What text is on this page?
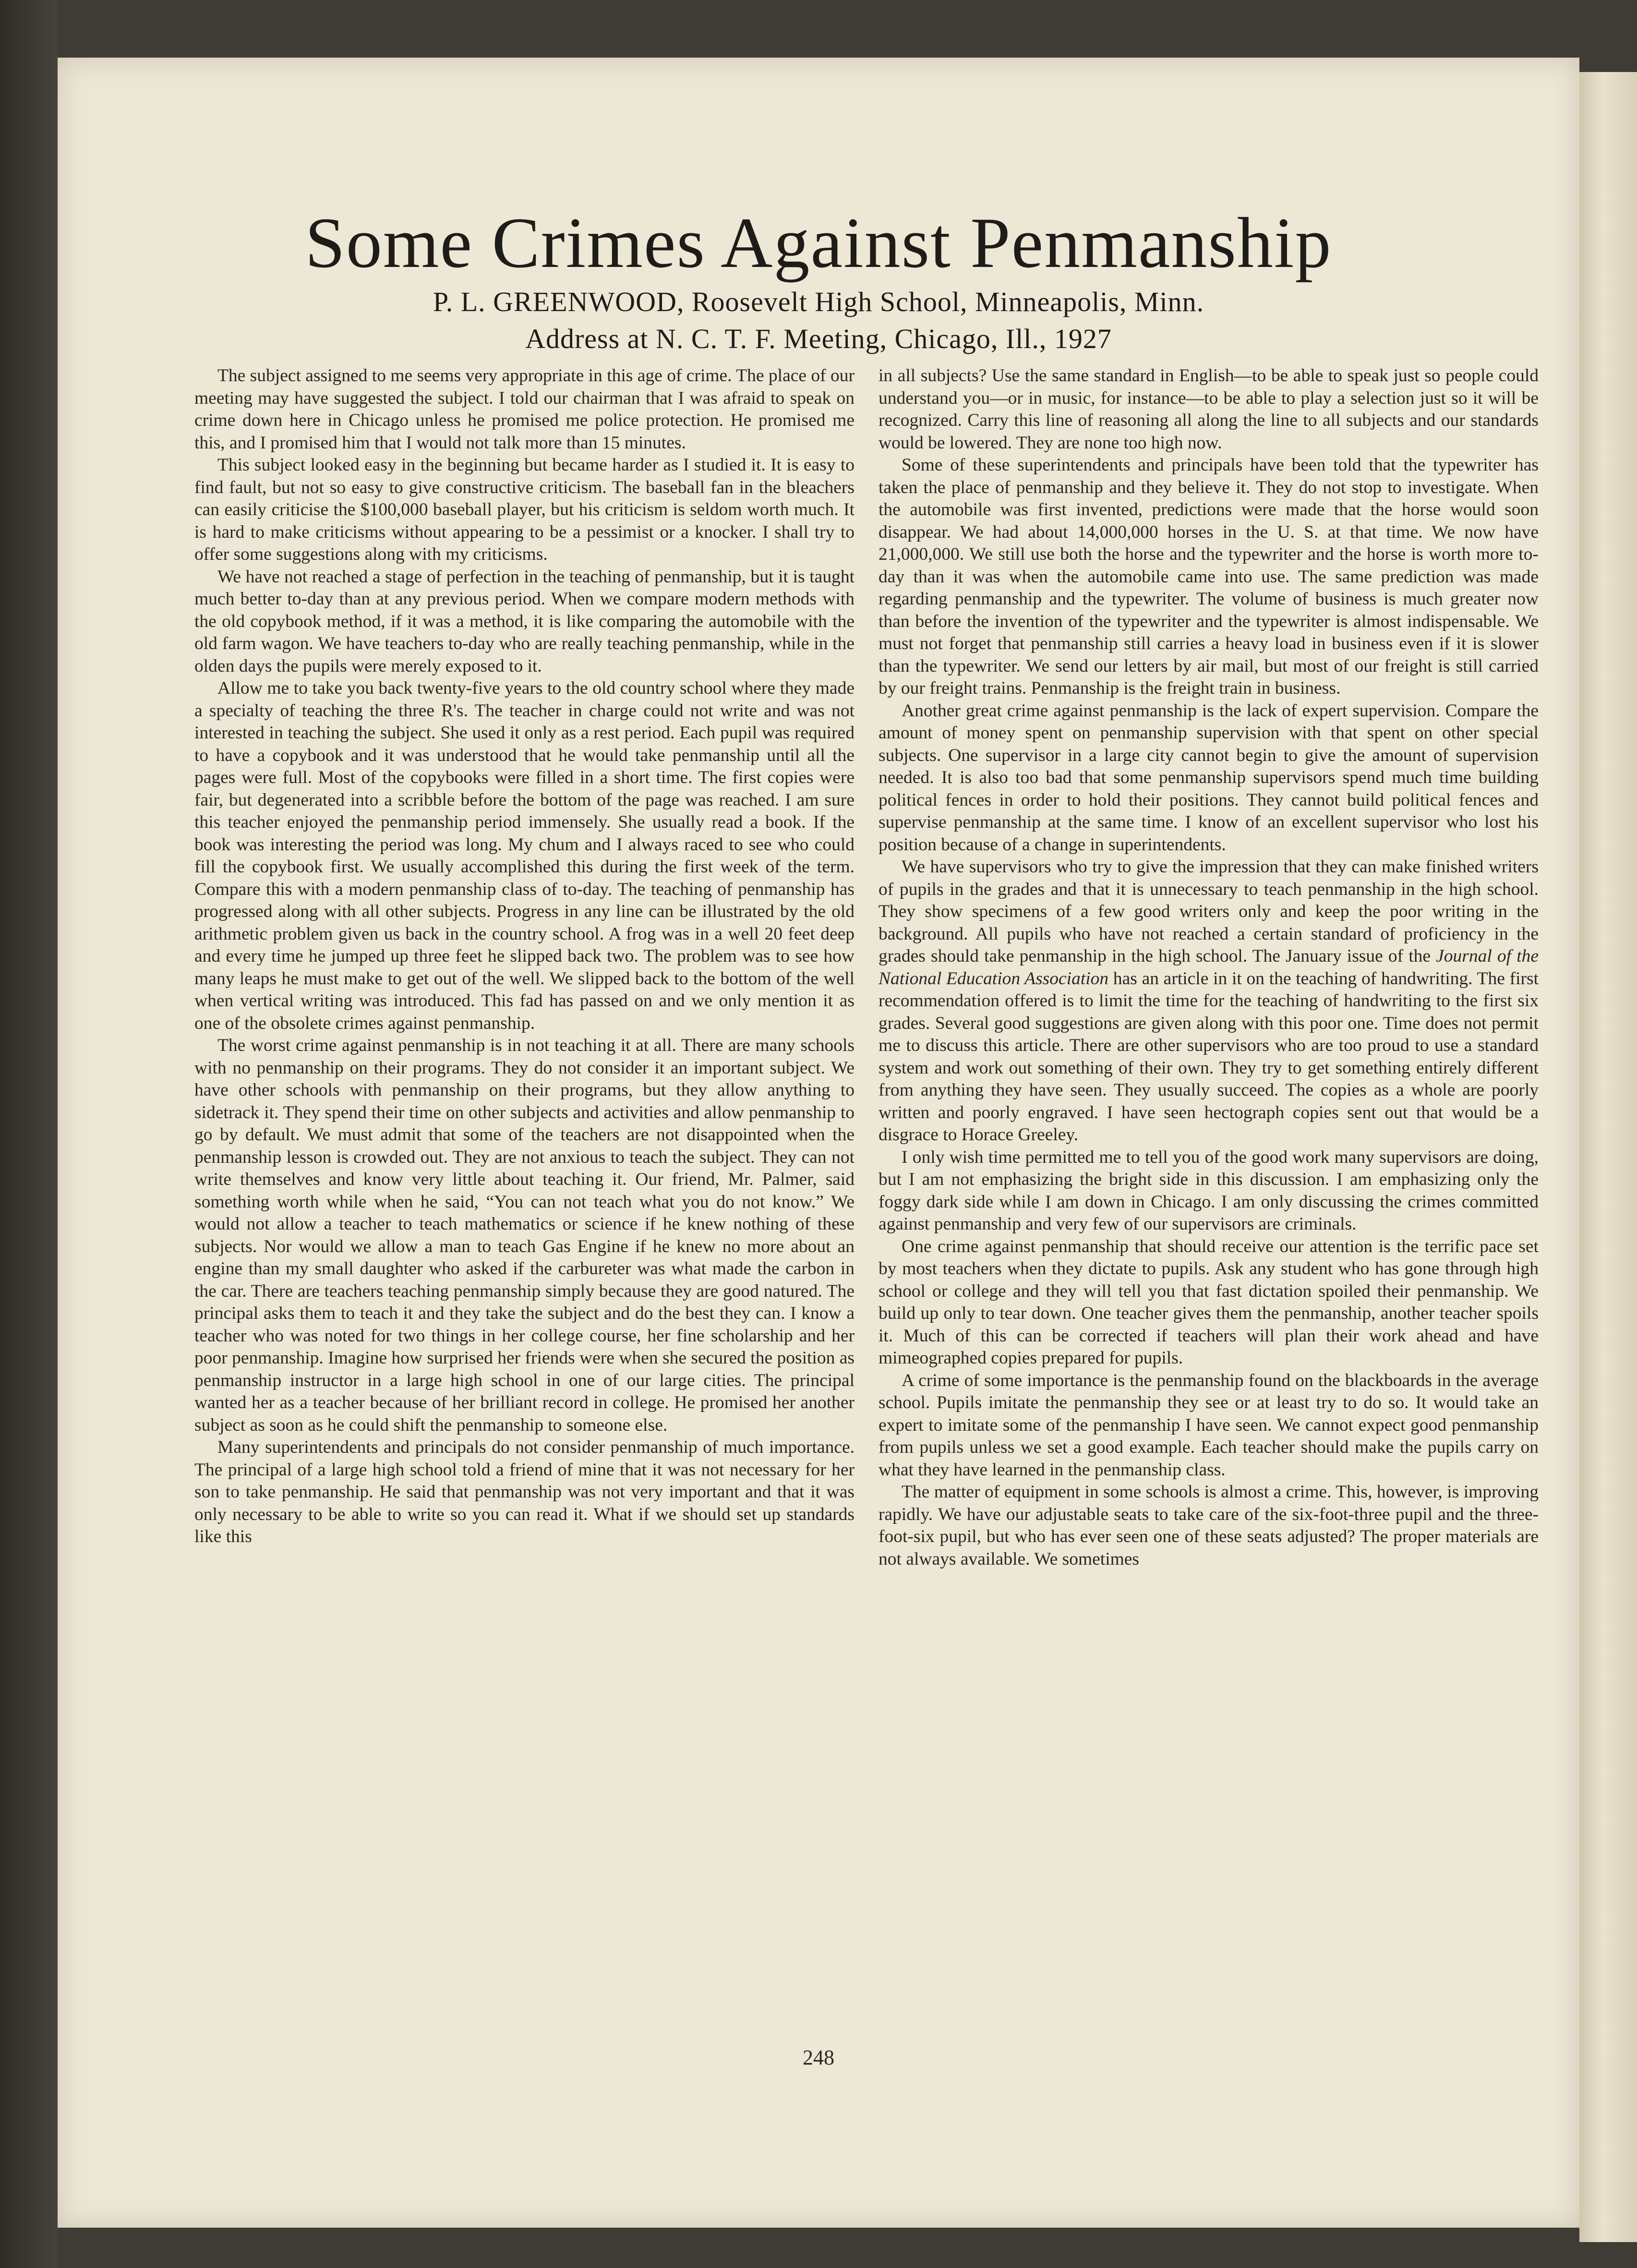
Some Crimes Against Penmanship
P. L. GREENWOOD, Roosevelt High School, Minneapolis, Minn.
Address at N. C. T. F. Meeting, Chicago, Ill., 1927

The subject assigned to me seems very appropriate in this age of crime. The place of our meeting may have suggested the subject. I told our chairman that I was afraid to speak on crime down here in Chicago unless he promised me police protection. He promised me this, and I promised him that I would not talk more than 15 minutes.

This subject looked easy in the beginning but became harder as I studied it. It is easy to find fault, but not so easy to give constructive criticism. The baseball fan in the bleachers can easily criticise the $100,000 baseball player, but his criticism is seldom worth much. It is hard to make criticisms without appearing to be a pessimist or a knocker. I shall try to offer some suggestions along with my criticisms.

We have not reached a stage of perfection in the teaching of penmanship, but it is taught much better to-day than at any previous period. When we compare modern methods with the old copybook method, if it was a method, it is like comparing the automobile with the old farm wagon. We have teachers to-day who are really teaching penmanship, while in the olden days the pupils were merely exposed to it.

Allow me to take you back twenty-five years to the old country school where they made a specialty of teaching the three R's. The teacher in charge could not write and was not interested in teaching the subject. She used it only as a rest period. Each pupil was required to have a copybook and it was understood that he would take penmanship until all the pages were full. Most of the copybooks were filled in a short time. The first copies were fair, but degenerated into a scribble before the bottom of the page was reached. I am sure this teacher enjoyed the penmanship period immensely. She usually read a book. If the book was interesting the period was long. My chum and I always raced to see who could fill the copybook first. We usually accomplished this during the first week of the term. Compare this with a modern penmanship class of to-day. The teaching of penmanship has progressed along with all other subjects. Progress in any line can be illustrated by the old arithmetic problem given us back in the country school. A frog was in a well 20 feet deep and every time he jumped up three feet he slipped back two. The problem was to see how many leaps he must make to get out of the well. We slipped back to the bottom of the well when vertical writing was introduced. This fad has passed on and we only mention it as one of the obsolete crimes against penmanship.

The worst crime against penmanship is in not teaching it at all. There are many schools with no penmanship on their programs. They do not consider it an important subject. We have other schools with penmanship on their programs, but they allow anything to sidetrack it. They spend their time on other subjects and activities and allow penmanship to go by default. We must admit that some of the teachers are not disappointed when the penmanship lesson is crowded out. They are not anxious to teach the subject. They can not write themselves and know very little about teaching it. Our friend, Mr. Palmer, said something worth while when he said, “You can not teach what you do not know.” We would not allow a teacher to teach mathematics or science if he knew nothing of these subjects. Nor would we allow a man to teach Gas Engine if he knew no more about an engine than my small daughter who asked if the carbureter was what made the carbon in the car. There are teachers teaching penmanship simply because they are good natured. The principal asks them to teach it and they take the subject and do the best they can. I know a teacher who was noted for two things in her college course, her fine scholarship and her poor penmanship. Imagine how surprised her friends were when she secured the position as penmanship instructor in a large high school in one of our large cities. The principal wanted her as a teacher because of her brilliant record in college. He promised her another subject as soon as he could shift the penmanship to someone else.

Many superintendents and principals do not consider penmanship of much importance. The principal of a large high school told a friend of mine that it was not necessary for her son to take penmanship. He said that penmanship was not very important and that it was only necessary to be able to write so you can read it. What if we should set up standards like this

in all subjects? Use the same standard in English—to be able to speak just so people could understand you—or in music, for instance—to be able to play a selection just so it will be recognized. Carry this line of reasoning all along the line to all subjects and our standards would be lowered. They are none too high now.

Some of these superintendents and principals have been told that the typewriter has taken the place of penmanship and they believe it. They do not stop to investigate. When the automobile was first invented, predictions were made that the horse would soon disappear. We had about 14,000,000 horses in the U. S. at that time. We now have 21,000,000. We still use both the horse and the typewriter and the horse is worth more to-day than it was when the automobile came into use. The same prediction was made regarding penmanship and the typewriter. The volume of business is much greater now than before the invention of the typewriter and the typewriter is almost indispensable. We must not forget that penmanship still carries a heavy load in business even if it is slower than the typewriter. We send our letters by air mail, but most of our freight is still carried by our freight trains. Penmanship is the freight train in business.

Another great crime against penmanship is the lack of expert supervision. Compare the amount of money spent on penmanship supervision with that spent on other special subjects. One supervisor in a large city cannot begin to give the amount of supervision needed. It is also too bad that some penmanship supervisors spend much time building political fences in order to hold their positions. They cannot build political fences and supervise penmanship at the same time. I know of an excellent supervisor who lost his position because of a change in superintendents.

We have supervisors who try to give the impression that they can make finished writers of pupils in the grades and that it is unnecessary to teach penmanship in the high school. They show specimens of a few good writers only and keep the poor writing in the background. All pupils who have not reached a certain standard of proficiency in the grades should take penmanship in the high school. The January issue of the Journal of the National Education Association has an article in it on the teaching of handwriting. The first recommendation offered is to limit the time for the teaching of handwriting to the first six grades. Several good suggestions are given along with this poor one. Time does not permit me to discuss this article. There are other supervisors who are too proud to use a standard system and work out something of their own. They try to get something entirely different from anything they have seen. They usually succeed. The copies as a whole are poorly written and poorly engraved. I have seen hectograph copies sent out that would be a disgrace to Horace Greeley.

I only wish time permitted me to tell you of the good work many supervisors are doing, but I am not emphasizing the bright side in this discussion. I am emphasizing only the foggy dark side while I am down in Chicago. I am only discussing the crimes committed against penmanship and very few of our supervisors are criminals.

One crime against penmanship that should receive our attention is the terrific pace set by most teachers when they dictate to pupils. Ask any student who has gone through high school or college and they will tell you that fast dictation spoiled their penmanship. We build up only to tear down. One teacher gives them the penmanship, another teacher spoils it. Much of this can be corrected if teachers will plan their work ahead and have mimeographed copies prepared for pupils.

A crime of some importance is the penmanship found on the blackboards in the average school. Pupils imitate the penmanship they see or at least try to do so. It would take an expert to imitate some of the penmanship I have seen. We cannot expect good penmanship from pupils unless we set a good example. Each teacher should make the pupils carry on what they have learned in the penmanship class.

The matter of equipment in some schools is almost a crime. This, however, is improving rapidly. We have our adjustable seats to take care of the six-foot-three pupil and the three-foot-six pupil, but who has ever seen one of these seats adjusted? The proper materials are not always available. We sometimes

248
